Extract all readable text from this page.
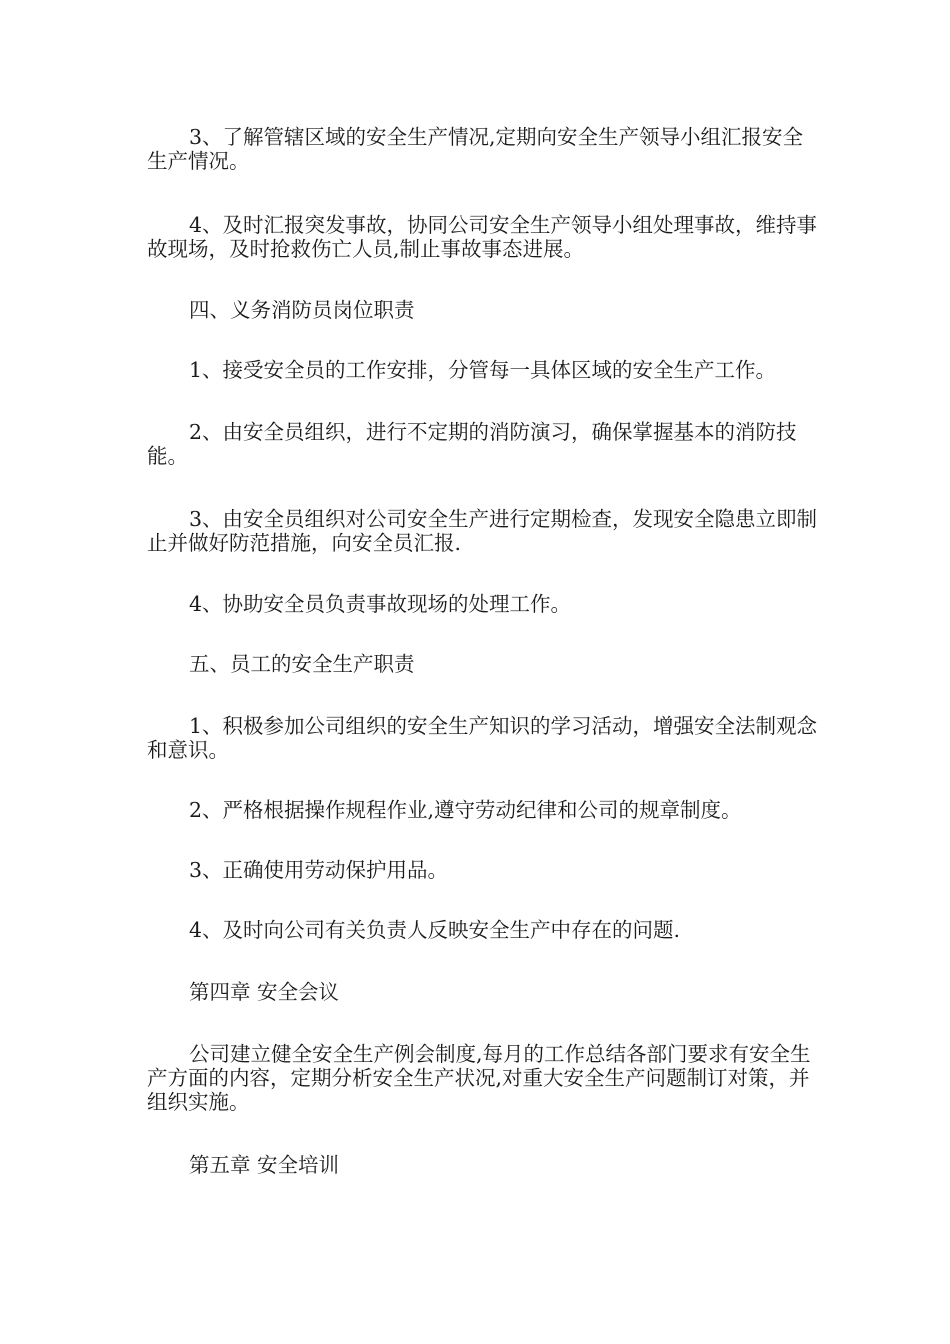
3、了解管辖区域的安全生产情况,定期向安全生产领导小组汇报安全生产情况。

4、及时汇报突发事故，协同公司安全生产领导小组处理事故，维持事故现场，及时抢救伤亡人员,制止事故事态进展。

四、义务消防员岗位职责

1、接受安全员的工作安排，分管每一具体区域的安全生产工作。

2、由安全员组织，进行不定期的消防演习，确保掌握基本的消防技能。

3、由安全员组织对公司安全生产进行定期检查，发现安全隐患立即制止并做好防范措施，向安全员汇报.

4、协助安全员负责事故现场的处理工作。

五、员工的安全生产职责

1、积极参加公司组织的安全生产知识的学习活动，增强安全法制观念和意识。

2、严格根据操作规程作业,遵守劳动纪律和公司的规章制度。

3、正确使用劳动保护用品。

4、及时向公司有关负责人反映安全生产中存在的问题.

第四章 安全会议

公司建立健全安全生产例会制度,每月的工作总结各部门要求有安全生产方面的内容，定期分析安全生产状况,对重大安全生产问题制订对策，并组织实施。

第五章 安全培训
